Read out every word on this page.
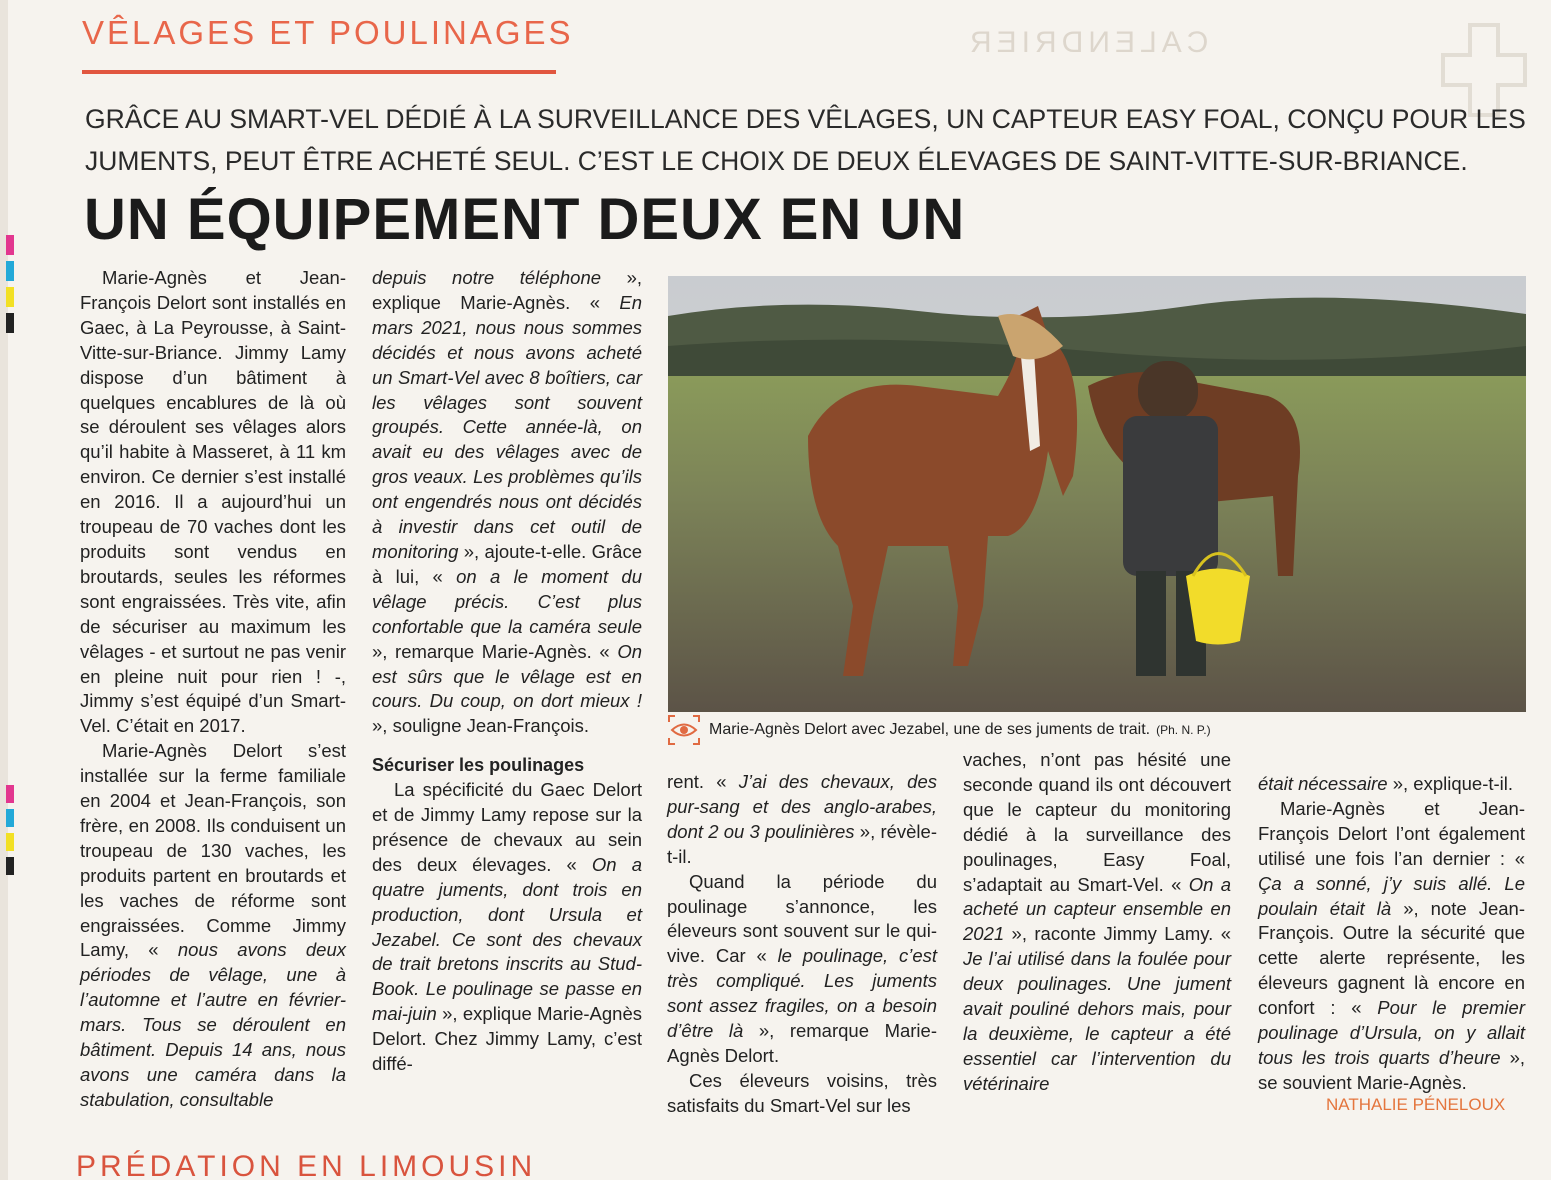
CALENDRIER
VÊLAGES ET POULINAGES
GRÂCE AU SMART-VEL DÉDIÉ À LA SURVEILLANCE DES VÊLAGES, UN CAPTEUR EASY FOAL, CONÇU POUR LES JUMENTS, PEUT ÊTRE ACHETÉ SEUL. C’EST LE CHOIX DE DEUX ÉLEVAGES DE SAINT-VITTE-SUR-BRIANCE.
UN ÉQUIPEMENT DEUX EN UN

Marie-Agnès et Jean-François Delort sont installés en Gaec, à La Peyrousse, à Saint-Vitte-sur-Briance. Jimmy Lamy dispose d’un bâtiment à quelques encablures de là où se déroulent ses vêlages alors qu’il habite à Masseret, à 11 km environ. Ce dernier s’est installé en 2016. Il a aujourd’hui un troupeau de 70 vaches dont les produits sont vendus en broutards, seules les réformes sont engraissées. Très vite, afin de sécuriser au maximum les vêlages - et surtout ne pas venir en pleine nuit pour rien ! -, Jimmy s’est équipé d’un Smart-Vel. C’était en 2017.

Marie-Agnès Delort s’est installée sur la ferme familiale en 2004 et Jean-François, son frère, en 2008. Ils conduisent un troupeau de 130 vaches, les produits partent en broutards et les vaches de réforme sont engraissées. Comme Jimmy Lamy, « nous avons deux périodes de vêlage, une à l’automne et l’autre en février-mars. Tous se déroulent en bâtiment. Depuis 14 ans, nous avons une caméra dans la stabulation, consultable

depuis notre téléphone », explique Marie-Agnès. « En mars 2021, nous nous sommes décidés et nous avons acheté un Smart-Vel avec 8 boîtiers, car les vêlages sont souvent groupés. Cette année-là, on avait eu des vêlages avec de gros veaux. Les problèmes qu’ils ont engendrés nous ont décidés à investir dans cet outil de monitoring », ajoute-t-elle. Grâce à lui, « on a le moment du vêlage précis. C’est plus confortable que la caméra seule », remarque Marie-Agnès. « On est sûrs que le vêlage est en cours. Du coup, on dort mieux ! », souligne Jean-François.

Sécuriser les poulinages

La spécificité du Gaec Delort et de Jimmy Lamy repose sur la présence de chevaux au sein des deux élevages. « On a quatre juments, dont trois en production, dont Ursula et Jezabel. Ce sont des chevaux de trait bretons inscrits au Stud-Book. Le poulinage se passe en mai-juin », explique Marie-Agnès Delort. Chez Jimmy Lamy, c’est diffé-

Marie-Agnès Delort avec Jezabel, une de ses juments de trait. (Ph. N. P.)

rent. « J’ai des chevaux, des pur-sang et des anglo-arabes, dont 2 ou 3 poulinières », révèle-t-il.

Quand la période du poulinage s’annonce, les éleveurs sont souvent sur le qui-vive. Car « le poulinage, c’est très compliqué. Les juments sont assez fragiles, on a besoin d’être là », remarque Marie-Agnès Delort.

Ces éleveurs voisins, très satisfaits du Smart-Vel sur les

vaches, n’ont pas hésité une seconde quand ils ont découvert que le capteur du monitoring dédié à la surveillance des poulinages, Easy Foal, s’adaptait au Smart-Vel. « On a acheté un capteur ensemble en 2021 », raconte Jimmy Lamy. « Je l’ai utilisé dans la foulée pour deux poulinages. Une jument avait pouliné dehors mais, pour la deuxième, le capteur a été essentiel car l’intervention du vétérinaire

était nécessaire », explique-t-il.

Marie-Agnès et Jean-François Delort l’ont également utilisé une fois l’an dernier : « Ça a sonné, j’y suis allé. Le poulain était là », note Jean-François. Outre la sécurité que cette alerte représente, les éleveurs gagnent là encore en confort : « Pour le premier poulinage d’Ursula, on y allait tous les trois quarts d’heure », se souvient Marie-Agnès.

NATHALIE PÉNELOUX
PRÉDATION EN LIMOUSIN
